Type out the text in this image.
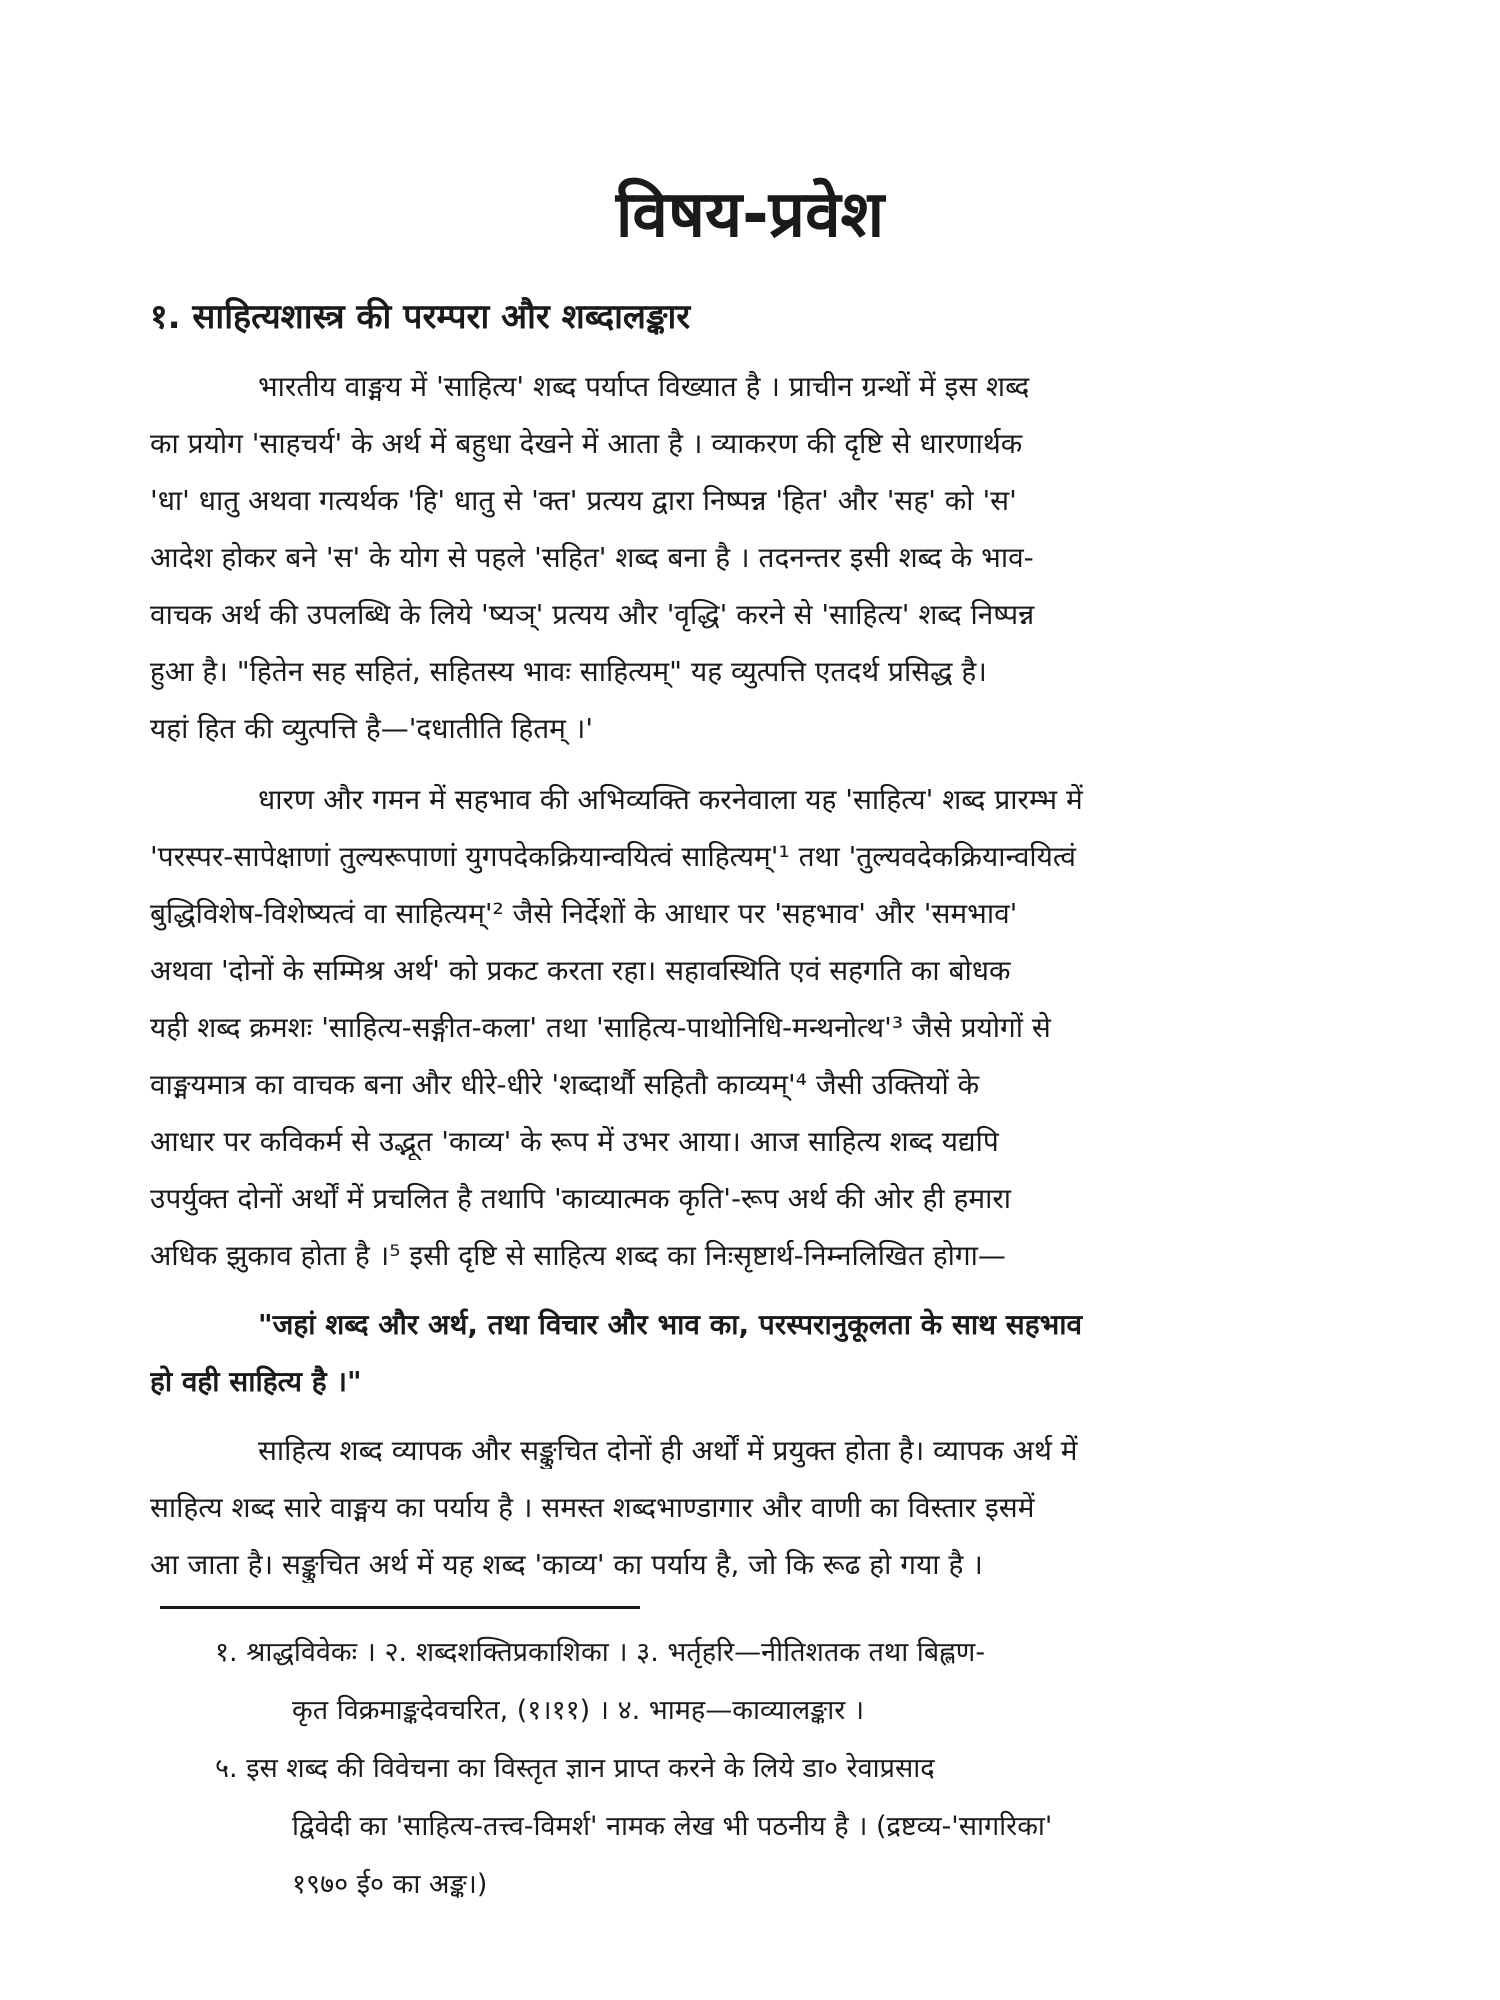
विषय-प्रवेश
१. साहित्यशास्त्र की परम्परा और शब्दालङ्कार

भारतीय वाङ्मय में 'साहित्य' शब्द पर्याप्त विख्यात है । प्राचीन ग्रन्थों में इस शब्द

का प्रयोग 'साहचर्य' के अर्थ में बहुधा देखने में आता है । व्याकरण की दृष्टि से धारणार्थक

'धा' धातु अथवा गत्यर्थक 'हि' धातु से 'क्त' प्रत्यय द्वारा निष्पन्न 'हित' और 'सह' को 'स'

आदेश होकर बने 'स' के योग से पहले 'सहित' शब्द बना है । तदनन्तर इसी शब्द के भाव-

वाचक अर्थ की उपलब्धि के लिये 'ष्यञ्' प्रत्यय और 'वृद्धि' करने से 'साहित्य' शब्द निष्पन्न

हुआ है। "हितेन सह सहितं, सहितस्य भावः साहित्यम्" यह व्युत्पत्ति एतदर्थ प्रसिद्ध है।

यहां हित की व्युत्पत्ति है—'दधातीति हितम् ।'

धारण और गमन में सहभाव की अभिव्यक्ति करनेवाला यह 'साहित्य' शब्द प्रारम्भ में

'परस्पर-सापेक्षाणां तुल्यरूपाणां युगपदेकक्रियान्वयित्वं साहित्यम्'¹ तथा 'तुल्यवदेकक्रियान्वयित्वं

बुद्धिविशेष-विशेष्यत्वं वा साहित्यम्'² जैसे निर्देशों के आधार पर 'सहभाव' और 'समभाव'

अथवा 'दोनों के सम्मिश्र अर्थ' को प्रकट करता रहा। सहावस्थिति एवं सहगति का बोधक

यही शब्द क्रमशः 'साहित्य-सङ्गीत-कला' तथा 'साहित्य-पाथोनिधि-मन्थनोत्थ'³ जैसे प्रयोगों से

वाङ्मयमात्र का वाचक बना और धीरे-धीरे 'शब्दार्थौ सहितौ काव्यम्'⁴ जैसी उक्तियों के

आधार पर कविकर्म से उद्भूत 'काव्य' के रूप में उभर आया। आज साहित्य शब्द यद्यपि

उपर्युक्त दोनों अर्थों में प्रचलित है तथापि 'काव्यात्मक कृति'-रूप अर्थ की ओर ही हमारा

अधिक झुकाव होता है ।⁵ इसी दृष्टि से साहित्य शब्द का निःसृष्टार्थ-निम्नलिखित होगा—

"जहां शब्द और अर्थ, तथा विचार और भाव का, परस्परानुकूलता के साथ सहभाव

हो वही साहित्य है ।"

साहित्य शब्द व्यापक और सङ्कुचित दोनों ही अर्थों में प्रयुक्त होता है। व्यापक अर्थ में

साहित्य शब्द सारे वाङ्मय का पर्याय है । समस्त शब्दभाण्डागार और वाणी का विस्तार इसमें

आ जाता है। सङ्कुचित अर्थ में यह शब्द 'काव्य' का पर्याय है, जो कि रूढ हो गया है ।

१. श्राद्धविवेकः । २. शब्दशक्तिप्रकाशिका । ३. भर्तृहरि—नीतिशतक तथा बिह्लण-

कृत विक्रमाङ्कदेवचरित, (१।११) । ४. भामह—काव्यालङ्कार ।

५. इस शब्द की विवेचना का विस्तृत ज्ञान प्राप्त करने के लिये डा० रेवाप्रसाद

द्विवेदी का 'साहित्य-तत्त्व-विमर्श' नामक लेख भी पठनीय है । (द्रष्टव्य-'सागरिका'

१९७० ई० का अङ्क।)
